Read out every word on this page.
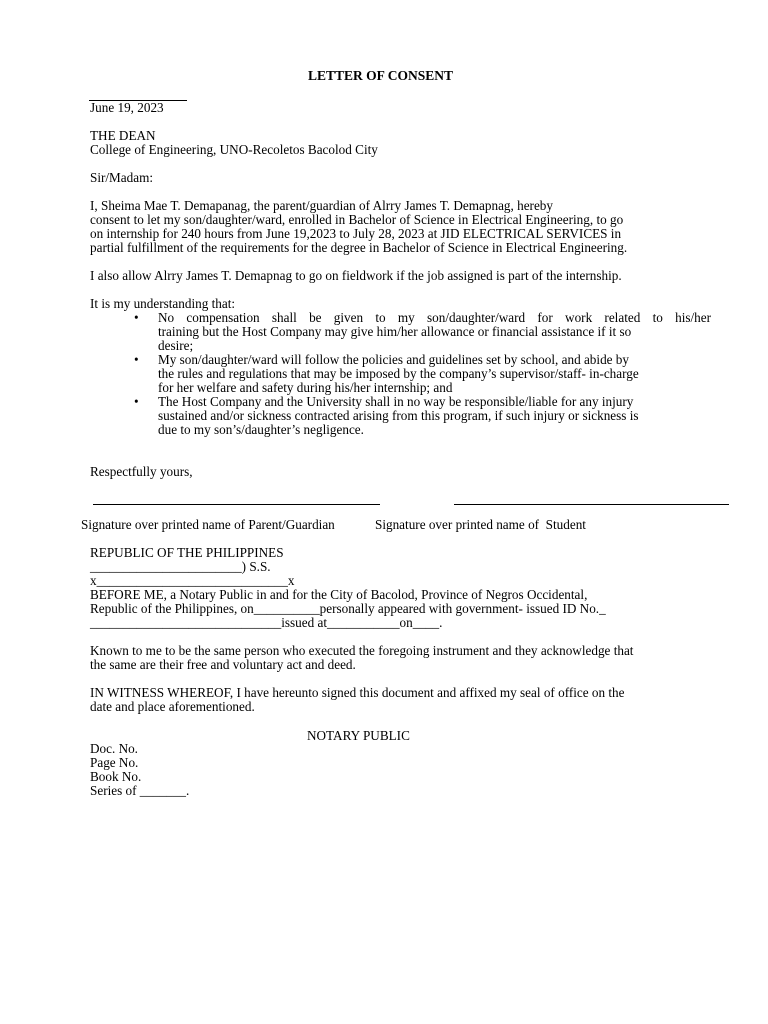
LETTER OF CONSENT
June 19, 2023
THE DEAN
College of Engineering, UNO-Recoletos Bacolod City
Sir/Madam:
I, Sheima Mae T. Demapanag, the parent/guardian of Alrry James T. Demapnag, hereby
consent to let my son/daughter/ward, enrolled in Bachelor of Science in Electrical Engineering, to go
on internship for 240 hours from June 19,2023 to July 28, 2023 at JID ELECTRICAL SERVICES in
partial fulfillment of the requirements for the degree in Bachelor of Science in Electrical Engineering.
I also allow Alrry James T. Demapnag to go on fieldwork if the job assigned is part of the internship.
It is my understanding that:
• No compensation shall be given to my son/daughter/ward for work related to his/her
training but the Host Company may give him/her allowance or financial assistance if it so
desire;
• My son/daughter/ward will follow the policies and guidelines set by school, and abide by
the rules and regulations that may be imposed by the company’s supervisor/staff- in-charge
for her welfare and safety during his/her internship; and
• The Host Company and the University shall in no way be responsible/liable for any injury
sustained and/or sickness contracted arising from this program, if such injury or sickness is
due to my son’s/daughter’s negligence.
Respectfully yours,
Signature over printed name of Parent/Guardian	Signature over printed name of  Student
REPUBLIC OF THE PHILIPPINES
_______________________) S.S.
x_____________________________x
BEFORE ME, a Notary Public in and for the City of Bacolod, Province of Negros Occidental,
Republic of the Philippines, on__________personally appeared with government- issued ID No._
_____________________________issued at___________on____.
Known to me to be the same person who executed the foregoing instrument and they acknowledge that
the same are their free and voluntary act and deed.
IN WITNESS WHEREOF, I have hereunto signed this document and affixed my seal of office on the
date and place aforementioned.
NOTARY PUBLIC
Doc. No.
Page No.
Book No.
Series of _______.
